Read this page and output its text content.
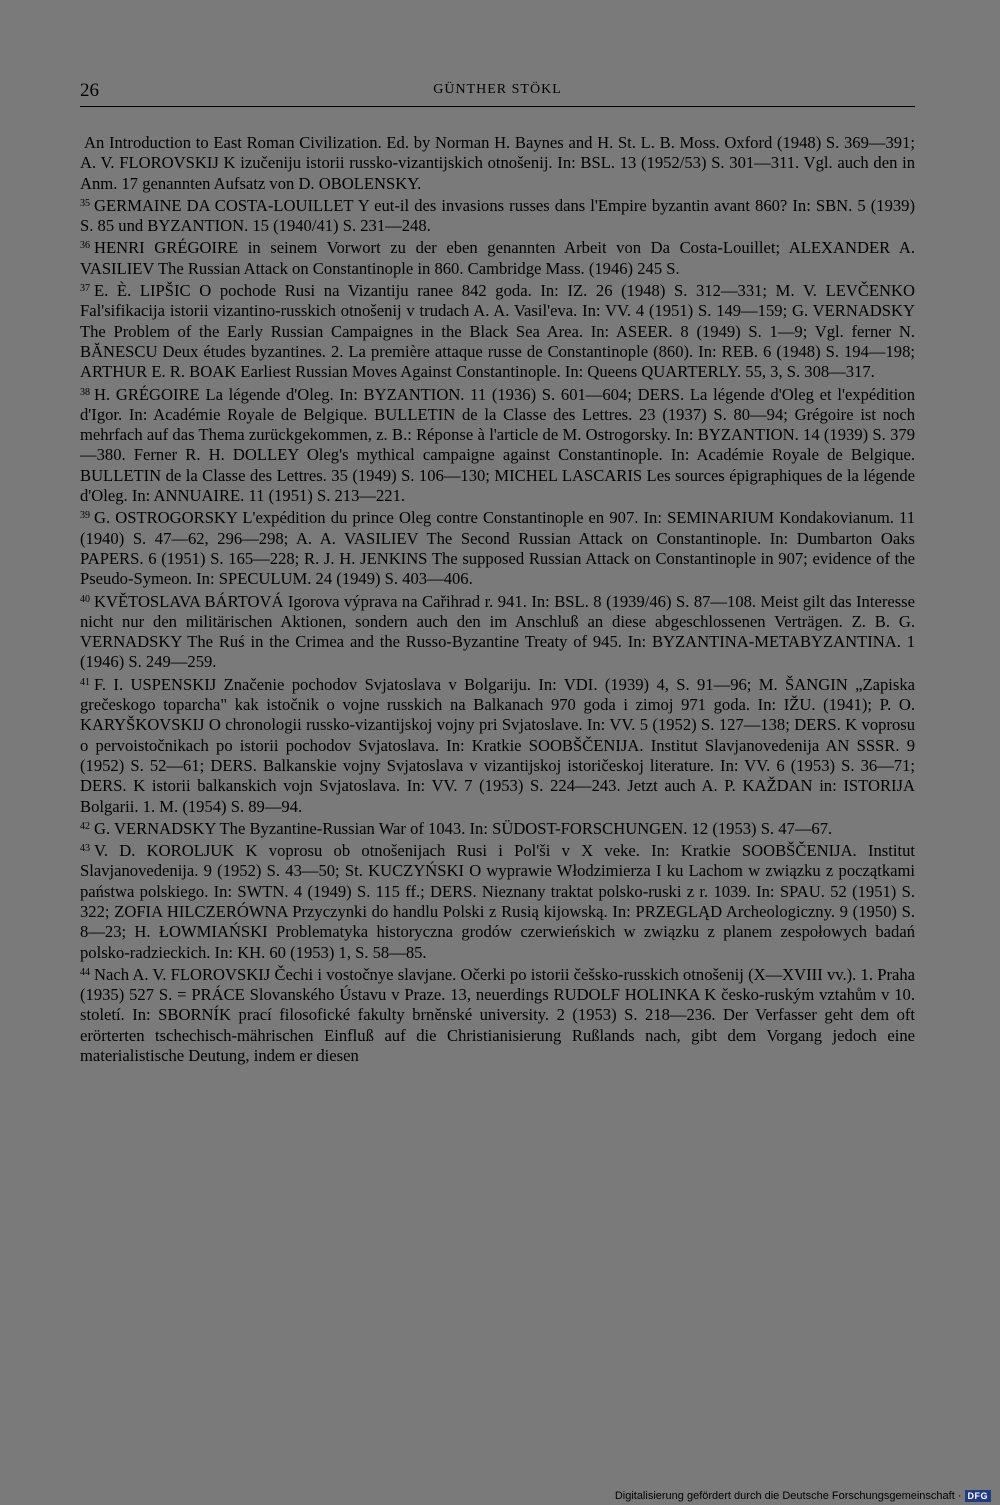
26	GÜNTHER STÖKL

An Introduction to East Roman Civilization. Ed. by Norman H. Baynes and H. St. L. B. Moss. Oxford (1948) S. 369—391; A. V. FLOROVSKIJ K izučeniju istorii russko-vizantijskich otnošenij. In: BSL. 13 (1952/53) S. 301—311. Vgl. auch den in Anm. 17 genannten Aufsatz von D. OBOLENSKY.

$^{35}$ GERMAINE DA COSTA-LOUILLET Y eut-il des invasions russes dans l'Empire byzantin avant 860? In: SBN. 5 (1939) S. 85 und BYZANTION. 15 (1940/41) S. 231—248.

$^{36}$ HENRI GRÉGOIRE in seinem Vorwort zu der eben genannten Arbeit von Da Costa-Louillet; ALEXANDER A. VASILIEV The Russian Attack on Constantinople in 860. Cambridge Mass. (1946) 245 S.

$^{37}$ E. È. LIPŠIC O pochode Rusi na Vizantiju ranee 842 goda. In: IZ. 26 (1948) S. 312—331; M. V. LEVČENKO Fal'sifikacija istorii vizantino-russkich otnošenij v trudach A. A. Vasil'eva. In: VV. 4 (1951) S. 149—159; G. VERNADSKY The Problem of the Early Russian Campaignes in the Black Sea Area. In: ASEER. 8 (1949) S. 1—9; Vgl. ferner N. BĂNESCU Deux études byzantines. 2. La première attaque russe de Constantinople (860). In: REB. 6 (1948) S. 194—198; ARTHUR E. R. BOAK Earliest Russian Moves Against Constantinople. In: Queens QUARTERLY. 55, 3, S. 308—317.

$^{38}$ H. GRÉGOIRE La légende d'Oleg. In: BYZANTION. 11 (1936) S. 601—604; DERS. La légende d'Oleg et l'expédition d'Igor. In: Académie Royale de Belgique. BULLETIN de la Classe des Lettres. 23 (1937) S. 80—94; Grégoire ist noch mehrfach auf das Thema zurückgekommen, z. B.: Réponse à l'article de M. Ostrogorsky. In: BYZANTION. 14 (1939) S. 379—380. Ferner R. H. DOLLEY Oleg's mythical campaigne against Constantinople. In: Académie Royale de Belgique. BULLETIN de la Classe des Lettres. 35 (1949) S. 106—130; MICHEL LASCARIS Les sources épigraphiques de la légende d'Oleg. In: ANNUAIRE. 11 (1951) S. 213—221.

$^{39}$ G. OSTROGORSKY L'expédition du prince Oleg contre Constantinople en 907. In: SEMINARIUM Kondakovianum. 11 (1940) S. 47—62, 296—298; A. A. VASILIEV The Second Russian Attack on Constantinople. In: Dumbarton Oaks PAPERS. 6 (1951) S. 165—228; R. J. H. JENKINS The supposed Russian Attack on Constantinople in 907; evidence of the Pseudo-Symeon. In: SPECULUM. 24 (1949) S. 403—406.

$^{40}$ KVĚTOSLAVA BÁRTOVÁ Igorova výprava na Cařihrad r. 941. In: BSL. 8 (1939/46) S. 87—108. Meist gilt das Interesse nicht nur den militärischen Aktionen, sondern auch den im Anschluß an diese abgeschlossenen Verträgen. Z. B. G. VERNADSKY The Ruś in the Crimea and the Russo-Byzantine Treaty of 945. In: BYZANTINA-METABYZANTINA. 1 (1946) S. 249—259.

$^{41}$ F. I. USPENSKIJ Značenie pochodov Svjatoslava v Bolgariju. In: VDI. (1939) 4, S. 91—96; M. ŠANGIN „Zapiska grečeskogo toparcha" kak istočnik o vojne russkich na Balkanach 970 goda i zimoj 971 goda. In: IŽU. (1941); P. O. KARYŠKOVSKIJ O chronologii russko-vizantijskoj vojny pri Svjatoslave. In: VV. 5 (1952) S. 127—138; DERS. K voprosu o pervoistočnikach po istorii pochodov Svjatoslava. In: Kratkie SOOBŠČENIJA. Institut Slavjanovedenija AN SSSR. 9 (1952) S. 52—61; DERS. Balkanskie vojny Svjatoslava v vizantijskoj istoričeskoj literature. In: VV. 6 (1953) S. 36—71; DERS. K istorii balkanskich vojn Svjatoslava. In: VV. 7 (1953) S. 224—243. Jetzt auch A. P. KAŽDAN in: ISTORIJA Bolgarii. 1. M. (1954) S. 89—94.

$^{42}$ G. VERNADSKY The Byzantine-Russian War of 1043. In: SÜDOST-FORSCHUNGEN. 12 (1953) S. 47—67.

$^{43}$ V. D. KOROLJUK K voprosu ob otnošenijach Rusi i Pol'ši v X veke. In: Kratkie SOOBŠČENIJA. Institut Slavjanovedenija. 9 (1952) S. 43—50; St. KUCZYŃSKI O wyprawie Włodzimierza I ku Lachom w związku z początkami państwa polskiego. In: SWTN. 4 (1949) S. 115 ff.; DERS. Nieznany traktat polsko-ruski z r. 1039. In: SPAU. 52 (1951) S. 322; ZOFIA HILCZERÓWNA Przyczynki do handlu Polski z Rusią kijowską. In: PRZEGLĄD Archeologiczny. 9 (1950) S. 8—23; H. ŁOWMIAŃSKI Problematyka historyczna grodów czerwieńskich w związku z planem zespołowych badań polsko-radzieckich. In: KH. 60 (1953) 1, S. 58—85.

$^{44}$ Nach A. V. FLOROVSKIJ Čechi i vostočnye slavjane. Očerki po istorii češsko-russkich otnošenij (X—XVIII vv.). 1. Praha (1935) 527 S. = PRÁCE Slovanského Ústavu v Praze. 13, neuerdings RUDOLF HOLINKA K česko-ruským vztahům v 10. století. In: SBORNÍK prací filosofické fakulty brněnské university. 2 (1953) S. 218—236. Der Verfasser geht dem oft erörterten tschechisch-mährischen Einfluß auf die Christianisierung Rußlands nach, gibt dem Vorgang jedoch eine materialistische Deutung, indem er diesen

Digitalisierung gefördert durch die Deutsche Forschungsgemeinschaft · DFG
